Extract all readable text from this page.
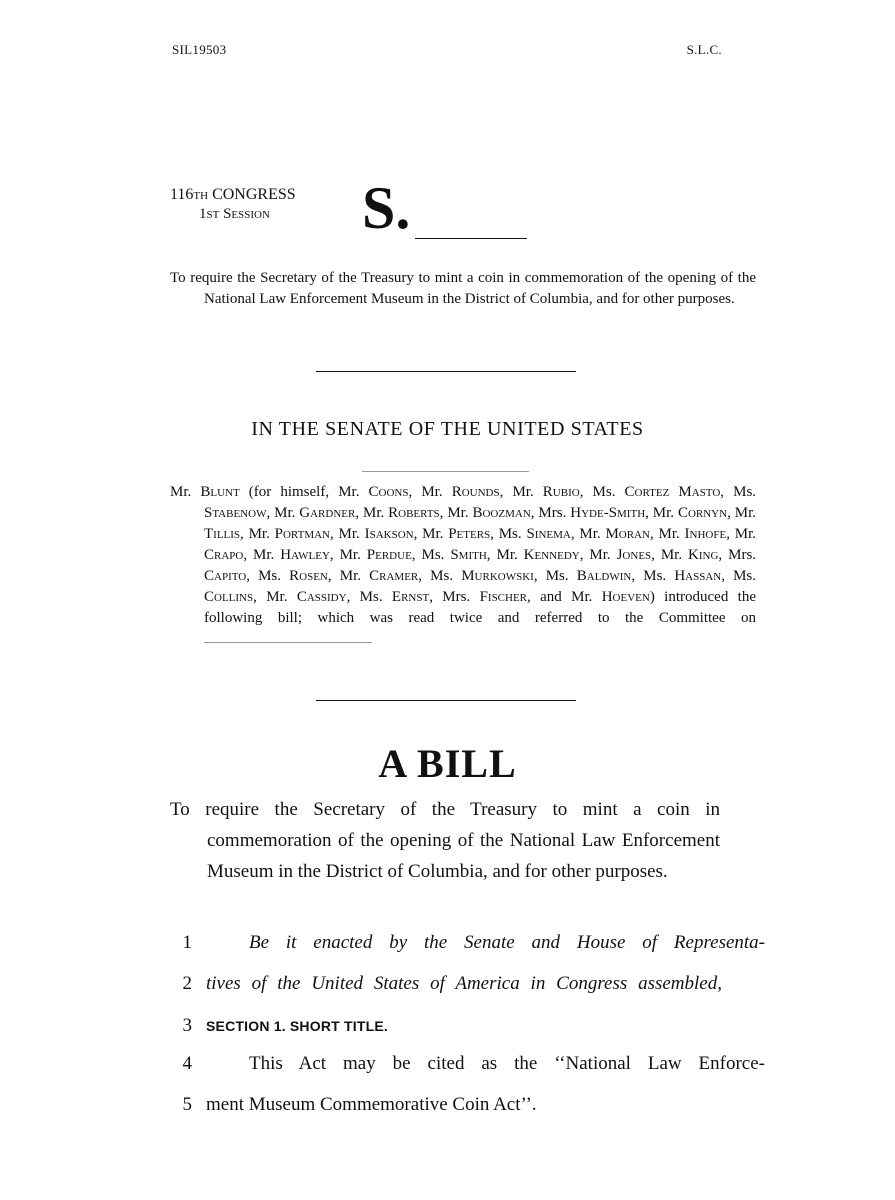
SIL19503	S.L.C.
116TH CONGRESS
1ST Session S.
To require the Secretary of the Treasury to mint a coin in commemoration of the opening of the National Law Enforcement Museum in the District of Columbia, and for other purposes.
IN THE SENATE OF THE UNITED STATES
Mr. Blunt (for himself, Mr. Coons, Mr. Rounds, Mr. Rubio, Ms. Cortez Masto, Ms. Stabenow, Mr. Gardner, Mr. Roberts, Mr. Boozman, Mrs. Hyde-Smith, Mr. Cornyn, Mr. Tillis, Mr. Portman, Mr. Isakson, Mr. Peters, Ms. Sinema, Mr. Moran, Mr. Inhofe, Mr. Crapo, Mr. Hawley, Mr. Perdue, Ms. Smith, Mr. Kennedy, Mr. Jones, Mr. King, Mrs. Capito, Ms. Rosen, Mr. Cramer, Ms. Murkowski, Ms. Baldwin, Ms. Hassan, Ms. Collins, Mr. Cassidy, Ms. Ernst, Mrs. Fischer, and Mr. Hoeven) introduced the following bill; which was read twice and referred to the Committee on
A BILL
To require the Secretary of the Treasury to mint a coin in commemoration of the opening of the National Law Enforcement Museum in the District of Columbia, and for other purposes.
1	Be it enacted by the Senate and House of Representa-
2 tives of the United States of America in Congress assembled,
3 SECTION 1. SHORT TITLE.
4	This Act may be cited as the ‘‘National Law Enforce-
5 ment Museum Commemorative Coin Act’’.
